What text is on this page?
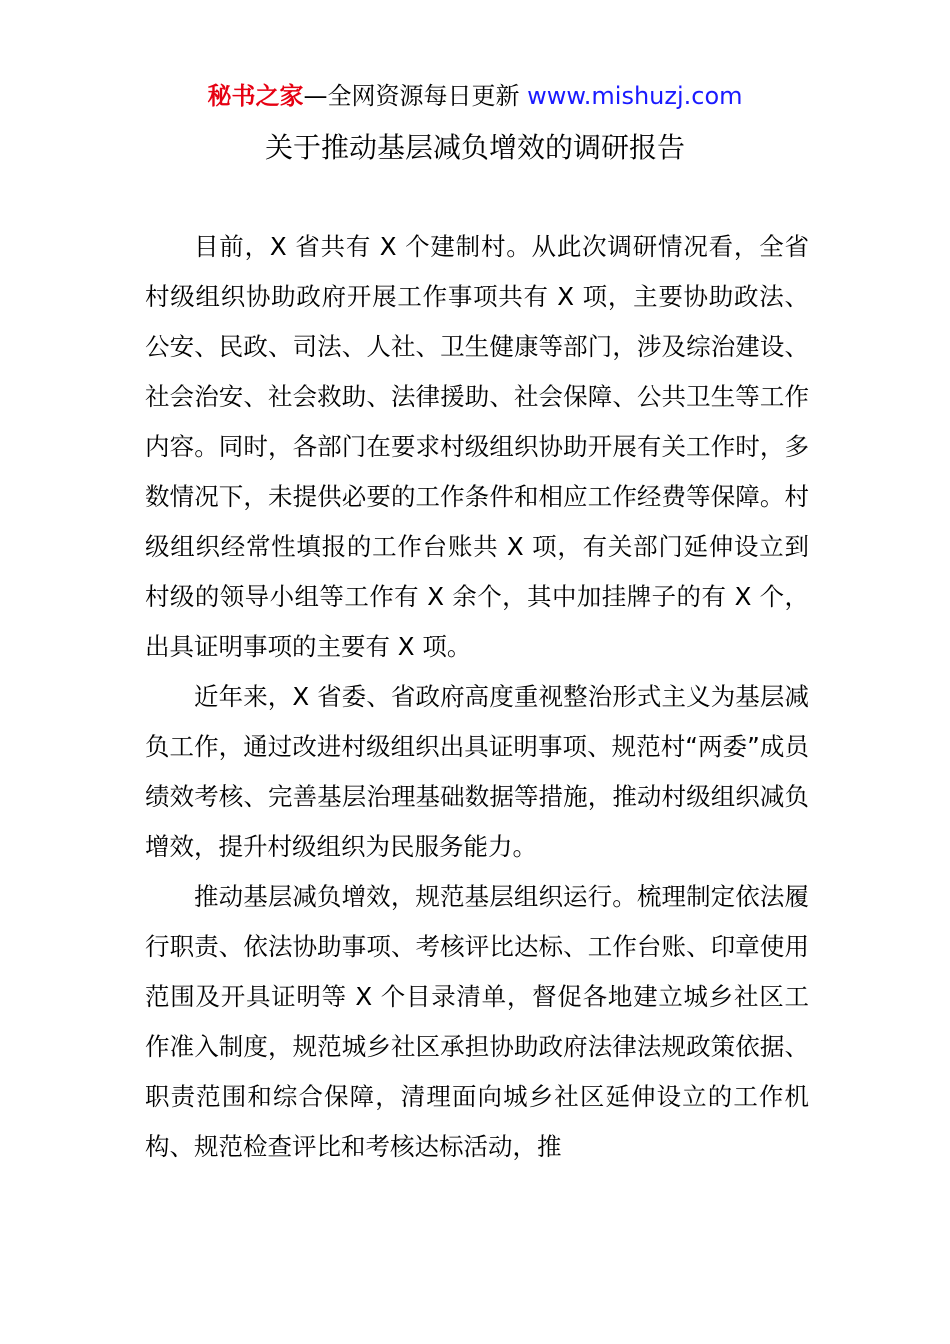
秘书之家—全网资源每日更新 www.mishuzj.com
关于推动基层减负增效的调研报告

目前，X 省共有 X 个建制村。从此次调研情况看，全省村级组织协助政府开展工作事项共有 X 项，主要协助政法、公安、民政、司法、人社、卫生健康等部门，涉及综治建设、社会治安、社会救助、法律援助、社会保障、公共卫生等工作内容。同时，各部门在要求村级组织协助开展有关工作时，多数情况下，未提供必要的工作条件和相应工作经费等保障。村级组织经常性填报的工作台账共 X 项，有关部门延伸设立到村级的领导小组等工作有 X 余个，其中加挂牌子的有 X 个，出具证明事项的主要有 X 项。

近年来，X 省委、省政府高度重视整治形式主义为基层减负工作，通过改进村级组织出具证明事项、规范村“两委”成员绩效考核、完善基层治理基础数据等措施，推动村级组织减负增效，提升村级组织为民服务能力。

推动基层减负增效，规范基层组织运行。梳理制定依法履行职责、依法协助事项、考核评比达标、工作台账、印章使用范围及开具证明等 X 个目录清单，督促各地建立城乡社区工作准入制度，规范城乡社区承担协助政府法律法规政策依据、职责范围和综合保障，清理面向城乡社区延伸设立的工作机构、规范检查评比和考核达标活动，推
